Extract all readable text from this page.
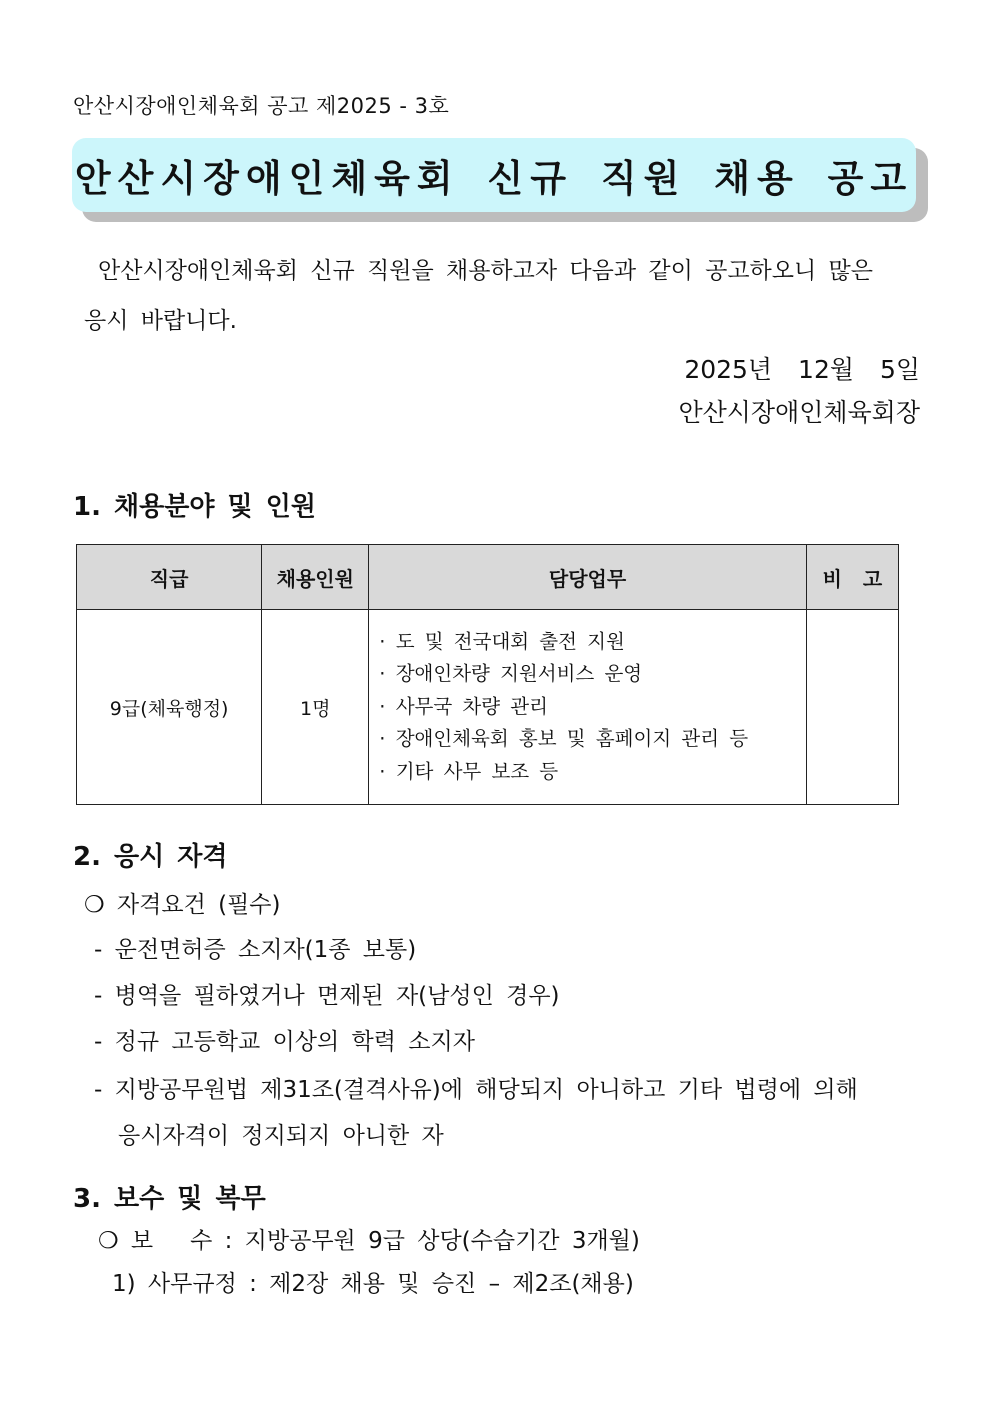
안산시장애인체육회 공고 제2025 - 3호
안산시장애인체육회 신규 직원 채용 공고
안산시장애인체육회 신규 직원을 채용하고자 다음과 같이 공고하오니 많은
응시 바랍니다.
2025년 12월 5일
안산시장애인체육회장
1. 채용분야 및 인원
직급	채용인원	담당업무	비 고
9급(체육행정)	1명	· 도 및 전국대회 출전 지원
· 장애인차량 지원서비스 운영
· 사무국 차량 관리
· 장애인체육회 홍보 및 홈페이지 관리 등
· 기타 사무 보조 등	

2. 응시 자격
❍ 자격요건 (필수)
- 운전면허증 소지자(1종 보통)
- 병역을 필하였거나 면제된 자(남성인 경우)
- 정규 고등학교 이상의 학력 소지자
- 지방공무원법 제31조(결격사유)에 해당되지 아니하고 기타 법령에 의해
응시자격이 정지되지 아니한 자
3. 보수 및 복무
❍ 보   수 : 지방공무원 9급 상당(수습기간 3개월)
1) 사무규정 : 제2장 채용 및 승진 – 제2조(채용)
